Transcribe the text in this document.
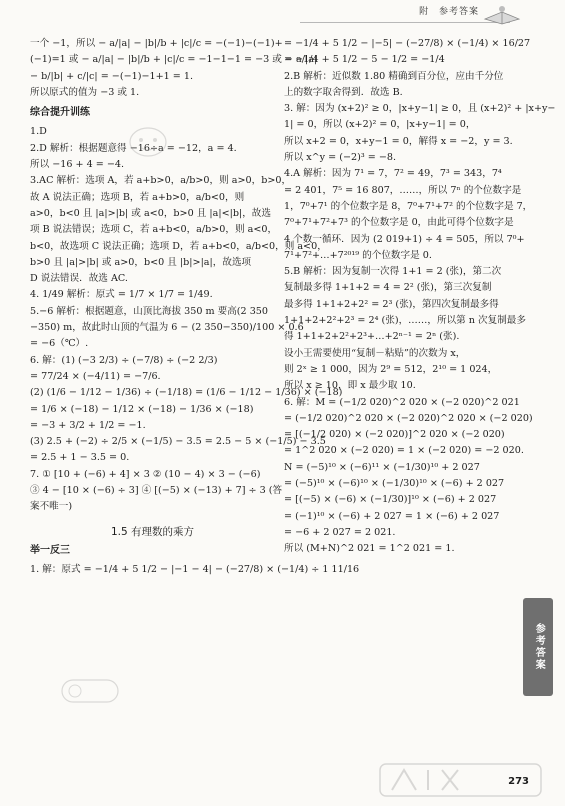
附 参考答案

一个 −1，所以 − a/|a| − |b|/b + |c|/c = −(−1)−(−1)+

(−1)=1 或 − a/|a| − |b|/b + |c|/c = −1−1−1 = −3 或 − a/|a|

− b/|b| + c/|c| = −(−1)−1+1 = 1.

所以原式的值为 −3 或 1.

综合提升训练

1.D

2.D 解析：根据题意得 −16÷a = −12，a = 4.

所以 −16 + 4 = −4.

3.AC 解析：选项 A，若 a+b>0，a/b>0，则 a>0，b>0，

故 A 说法正确；选项 B，若 a+b>0，a/b<0，则

a>0，b<0 且 |a|>|b| 或 a<0，b>0 且 |a|<|b|，故选

项 B 说法错误；选项 C，若 a+b<0，a/b>0，则 a<0，

b<0，故选项 C 说法正确；选项 D，若 a+b<0，a/b<0，则 a<0，

b>0 且 |a|>|b| 或 a>0，b<0 且 |b|>|a|，故选项

D 说法错误．故选 AC.

4. 1/49 解析：原式 = 1/7 × 1/7 = 1/49.

5.−6 解析：根据题意，山顶比海拔 350 m 要高(2 350

−350) m，故此时山顶的气温为 6 − (2 350−350)/100 × 0.6

= −6（℃）.

6. 解：(1) (−3 2/3) ÷ (−7/8) ÷ (−2 2/3)

= 77/24 × (−4/11) = −7/6.

(2) (1/6 − 1/12 − 1/36) ÷ (−1/18) = (1/6 − 1/12 − 1/36) × (−18)

= 1/6 × (−18) − 1/12 × (−18) − 1/36 × (−18)

= −3 + 3/2 + 1/2 = −1.

(3) 2.5 + (−2) ÷ 2/5 × (−1/5) − 3.5 = 2.5 − 5 × (−1/5) − 3.5

= 2.5 + 1 − 3.5 = 0.

7. ① [10 + (−6) + 4] × 3 ② (10 − 4) × 3 − (−6)

③ 4 − [10 × (−6) ÷ 3] ④ [(−5) × (−13) + 7] ÷ 3 (答

案不唯一)

1.5 有理数的乘方

举一反三

1. 解：原式 = −1/4 + 5 1/2 − |−1 − 4| − (−27/8) × (−1/4) ÷ 1 11/16

= −1/4 + 5 1/2 − |−5| − (−27/8) × (−1/4) × 16/27

= −1/4 + 5 1/2 − 5 − 1/2 = −1/4

2.B 解析：近似数 1.80 精确到百分位，应由千分位

上的数字取舍得到．故选 B.

3. 解：因为 (x+2)² ≥ 0，|x+y−1| ≥ 0，且 (x+2)² + |x+y−

1| = 0，所以 (x+2)² = 0，|x+y−1| = 0，

所以 x+2 = 0，x+y−1 = 0，解得 x = −2，y = 3.

所以 x^y = (−2)³ = −8.

4.A 解析：因为 7¹ = 7，7² = 49，7³ = 343，7⁴

= 2 401，7⁵ = 16 807，……，所以 7ⁿ 的个位数字是

1，7⁰+7¹ 的个位数字是 8，7⁰+7¹+7² 的个位数字是 7，

7⁰+7¹+7²+7³ 的个位数字是 0，由此可得个位数字是

4 个数一循环．因为 (2 019+1) ÷ 4 = 505，所以 7⁰+

7¹+7²+…+7²⁰¹⁹ 的个位数字是 0.

5.B 解析：因为复制一次得 1+1 = 2 (张)，第二次

复制最多得 1+1+2 = 4 = 2² (张)，第三次复制

最多得 1+1+2+2² = 2³ (张)，第四次复制最多得

1+1+2+2²+2³ = 2⁴ (张)，……，所以第 n 次复制最多

得 1+1+2+2²+2³+…+2ⁿ⁻¹ = 2ⁿ (张).

设小王需要使用“复制－粘贴”的次数为 x，

则 2ˣ ≥ 1 000，因为 2⁹ = 512，2¹⁰ = 1 024，

所以 x ≥ 10，即 x 最少取 10.

6. 解：M = (−1/2 020)^2 020 × (−2 020)^2 021

= (−1/2 020)^2 020 × (−2 020)^2 020 × (−2 020)

= [(−1/2 020) × (−2 020)]^2 020 × (−2 020)

= 1^2 020 × (−2 020) = 1 × (−2 020) = −2 020.

N = (−5)¹⁰ × (−6)¹¹ × (−1/30)¹⁰ + 2 027

= (−5)¹⁰ × (−6)¹⁰ × (−1/30)¹⁰ × (−6) + 2 027

= [(−5) × (−6) × (−1/30)]¹⁰ × (−6) + 2 027

= (−1)¹⁰ × (−6) + 2 027 = 1 × (−6) + 2 027

= −6 + 2 027 = 2 021.

所以 (M+N)^2 021 = 1^2 021 = 1.

参考答案
273
